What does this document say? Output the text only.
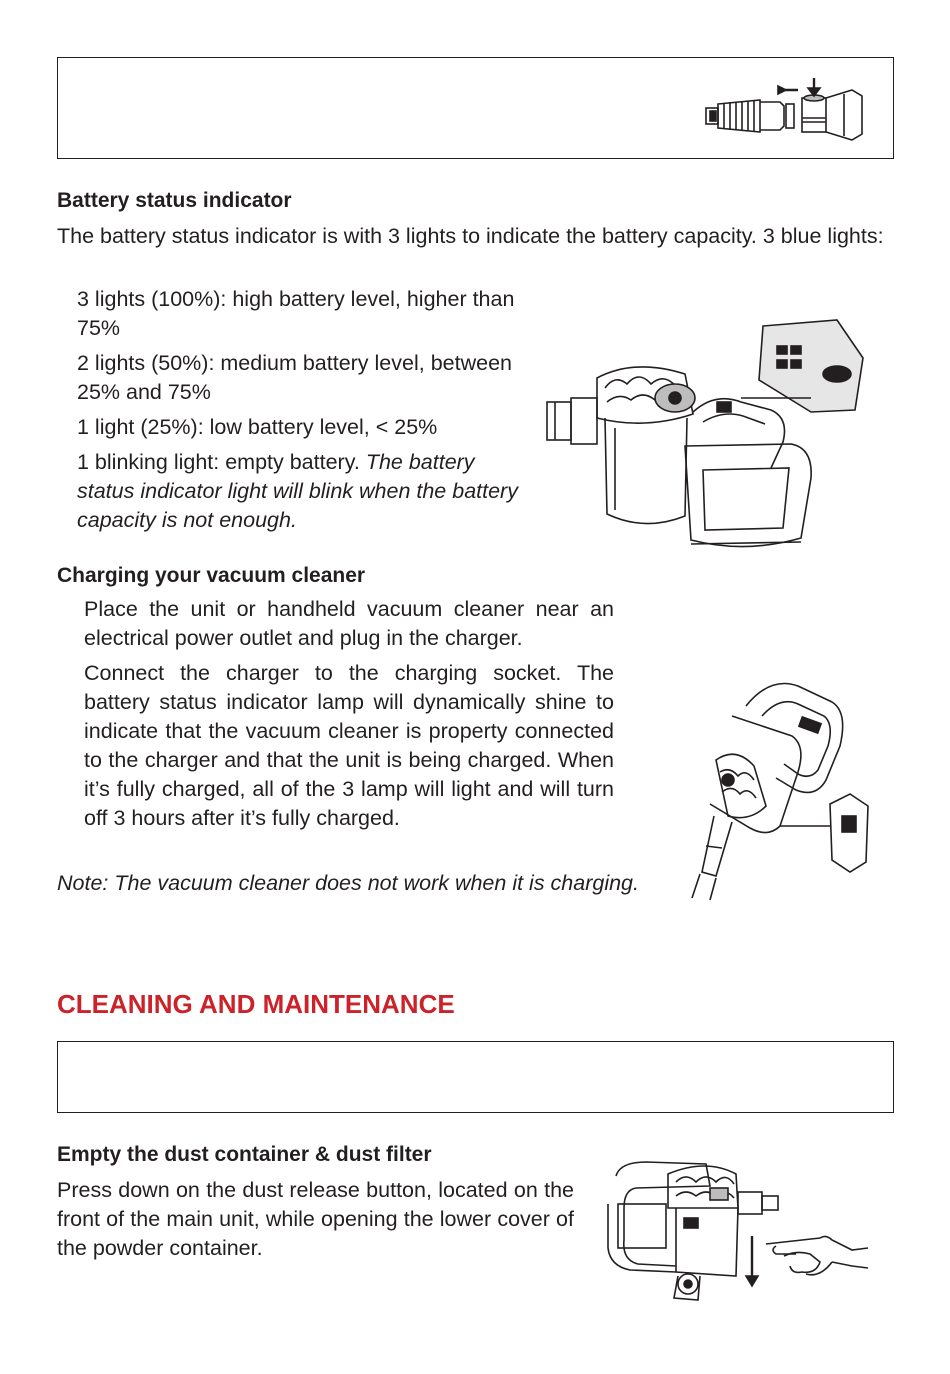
Battery status indicator
The battery status indicator is with 3 lights to indicate the battery capacity. 3 blue lights:

3 lights (100%): high battery level, higher than 75%

2 lights (50%): medium battery level, between 25% and 75%

1 light (25%): low battery level, < 25%

1 blinking light: empty battery. The battery status indicator light will blink when the battery capacity is not enough.

Charging your vacuum cleaner

Place the unit or handheld vacuum cleaner near an electrical power outlet and plug in the charger.

Connect the charger to the charging socket. The battery status indicator lamp will dynamically shine to indicate that the vacuum cleaner is property connected to the charger and that the unit is being charged. When it’s fully charged, all of the 3 lamp will light and will turn off 3 hours after it’s fully charged.

Note: The vacuum cleaner does not work when it is charging.
CLEANING AND MAINTENANCE
Empty the dust container & dust filter
Press down on the dust release button, located on the front of the main unit, while opening the lower cover of the powder container.
